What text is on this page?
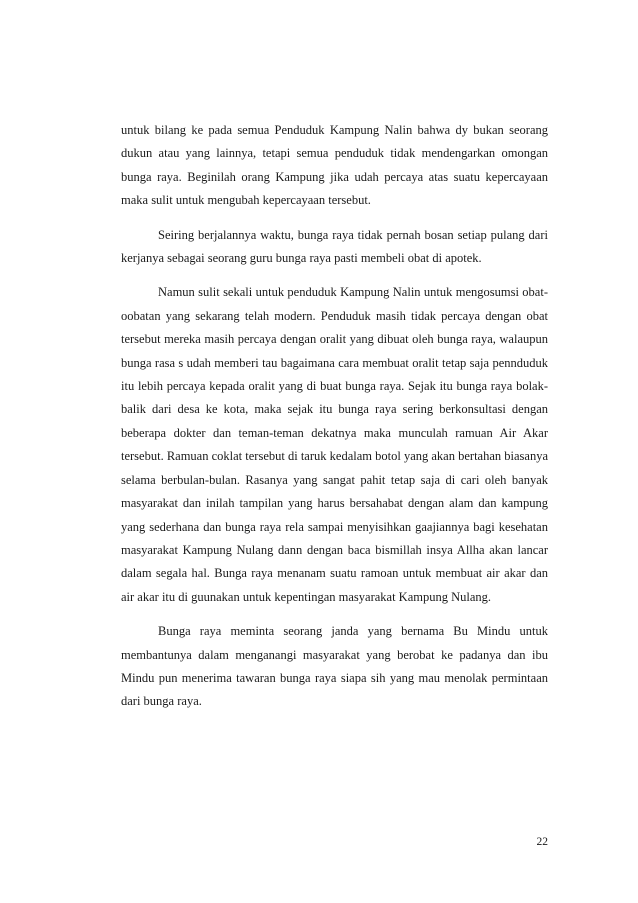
untuk bilang ke pada semua Penduduk Kampung Nalin bahwa dy bukan seorang dukun atau yang lainnya, tetapi semua penduduk tidak mendengarkan omongan bunga raya. Beginilah orang Kampung jika udah percaya atas suatu kepercayaan maka sulit untuk mengubah kepercayaan tersebut.

Seiring berjalannya waktu, bunga raya tidak pernah bosan setiap pulang dari kerjanya sebagai seorang guru bunga raya pasti membeli obat di apotek.

Namun sulit sekali untuk penduduk Kampung Nalin untuk mengosumsi obat-oobatan yang sekarang telah modern. Penduduk masih tidak percaya dengan obat tersebut mereka masih percaya dengan oralit yang dibuat oleh bunga raya, walaupun bunga rasa s udah memberi tau bagaimana cara membuat oralit tetap saja pennduduk itu lebih percaya kepada oralit yang di buat bunga raya. Sejak itu bunga raya bolak-balik dari desa ke kota, maka sejak itu bunga raya sering berkonsultasi dengan beberapa dokter dan teman-teman dekatnya maka munculah ramuan Air Akar tersebut. Ramuan coklat tersebut di taruk kedalam botol yang akan bertahan biasanya selama berbulan-bulan. Rasanya yang sangat pahit tetap saja di cari oleh banyak masyarakat dan inilah tampilan yang harus bersahabat dengan alam dan kampung yang sederhana dan bunga raya rela sampai menyisihkan gaajiannya bagi kesehatan masyarakat Kampung Nulang dann dengan baca bismillah insya Allha akan lancar dalam segala hal. Bunga raya menanam suatu ramoan untuk membuat air akar dan air akar itu di guunakan untuk kepentingan masyarakat Kampung Nulang.

Bunga raya meminta seorang janda yang bernama Bu Mindu untuk membantunya dalam menganangi masyarakat yang berobat ke padanya dan ibu Mindu pun menerima tawaran bunga raya siapa sih yang mau menolak permintaan dari bunga raya.

22
